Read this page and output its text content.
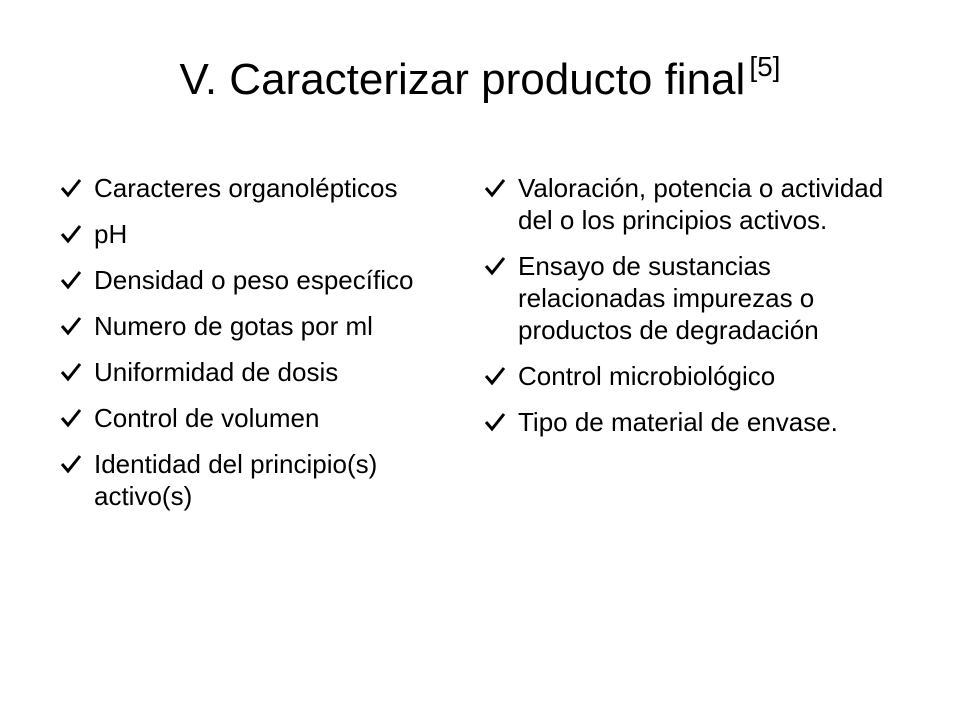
V. Caracterizar producto final [5]
Caracteres organolépticos
pH
Densidad o peso específico
Numero de gotas por ml
Uniformidad de dosis
Control de volumen
Identidad del principio(s) activo(s)
Valoración, potencia o actividad del o los principios activos.
Ensayo de sustancias relacionadas impurezas o productos de degradación
Control microbiológico
Tipo de material de envase.
